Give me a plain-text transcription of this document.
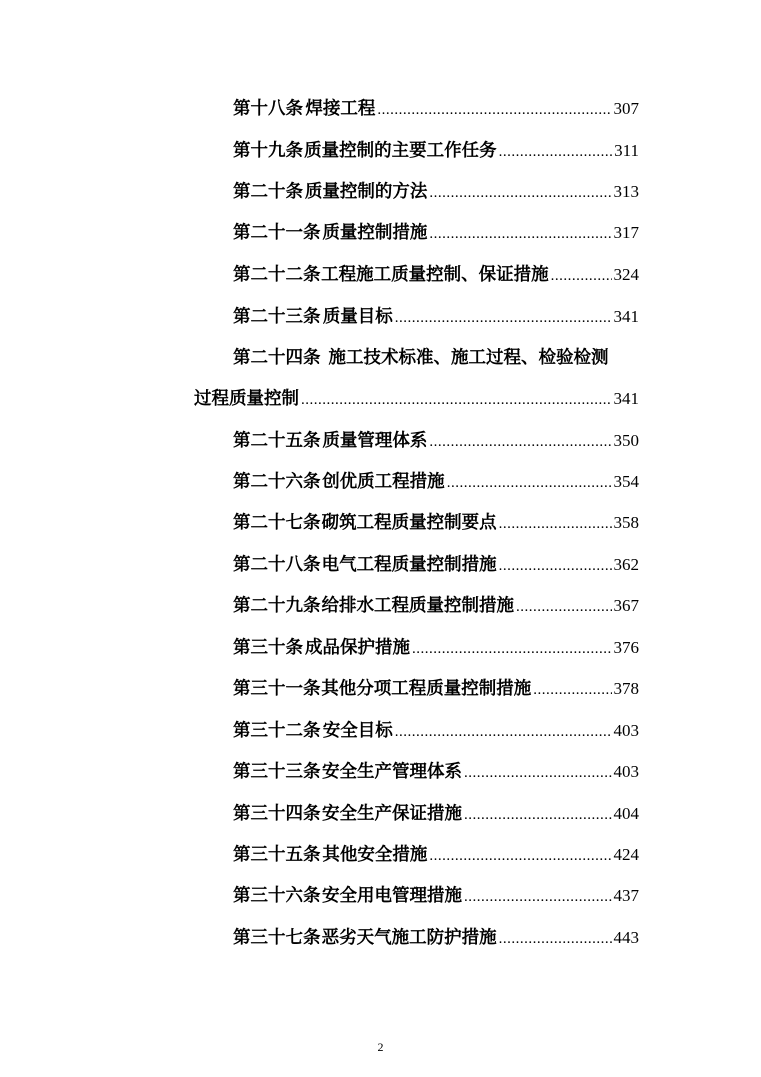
第十八条 焊接工程 .....	307
第十九条 质量控制的主要工作任务 .....	311
第二十条 质量控制的方法 .....	313
第二十一条 质量控制措施 .....	317
第二十二条 工程施工质量控制、保证措施 .....	324
第二十三条 质量目标 .....	341
第二十四条 施工技术标准、施工过程、检验检测
过程质量控制 .....	341
第二十五条 质量管理体系 .....	350
第二十六条 创优质工程措施 .....	354
第二十七条 砌筑工程质量控制要点 .....	358
第二十八条 电气工程质量控制措施 .....	362
第二十九条 给排水工程质量控制措施 .....	367
第三十条 成品保护措施 .....	376
第三十一条 其他分项工程质量控制措施 .....	378
第三十二条 安全目标 .....	403
第三十三条 安全生产管理体系 .....	403
第三十四条 安全生产保证措施 .....	404
第三十五条 其他安全措施 .....	424
第三十六条 安全用电管理措施 .....	437
第三十七条 恶劣天气施工防护措施 .....	443
2
